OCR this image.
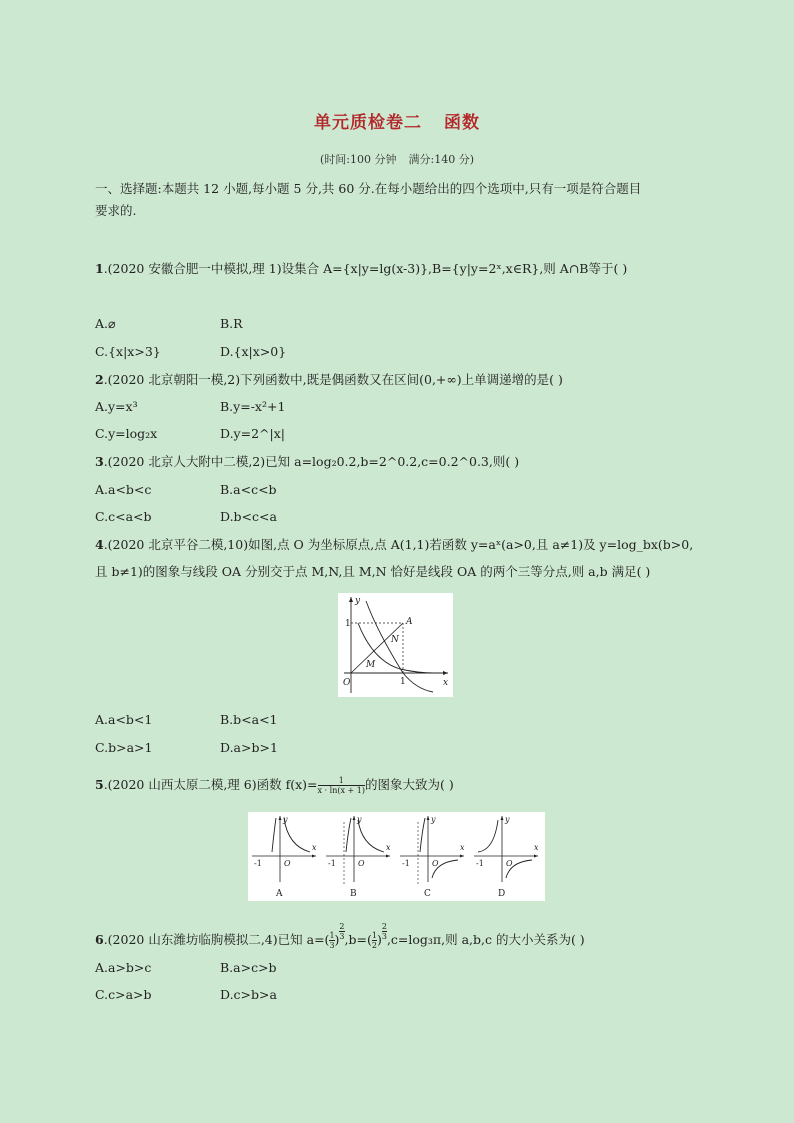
单元质检卷二 函数
(时间:100 分钟 满分:140 分)
一、选择题:本题共 12 小题,每小题 5 分,共 60 分.在每小题给出的四个选项中,只有一项是符合题目
要求的.
1.(2020 安徽合肥一中模拟,理 1)设集合 A={x|y=lg(x-3)},B={y|y=2ˣ,x∈R},则 A∩B等于( )
A.⌀	B.R
C.{x|x>3}	D.{x|x>0}
2.(2020 北京朝阳一模,2)下列函数中,既是偶函数又在区间(0,+∞)上单调递增的是( )
A.y=x³	B.y=-x²+1
C.y=log₂x	D.y=2^|x|
3.(2020 北京人大附中二模,2)已知 a=log₂0.2,b=2^0.2,c=0.2^0.3,则( )
A.a<b<c	B.a<c<b
C.c<a<b	D.b<c<a
4.(2020 北京平谷二模,10)如图,点 O 为坐标原点,点 A(1,1)若函数 y=aˣ(a>0,且 a≠1)及 y=log_bx(b>0,
且 b≠1)的图象与线段 OA 分别交于点 M,N,且 M,N 恰好是线段 OA 的两个三等分点,则 a,b 满足( )
y
x
O
1
1
A
N
M
A.a<b<1	B.b<a<1
C.b>a>1	D.a>b>1
5.(2020 山西太原二模,理 6)函数 $f(x)= \frac{1}{x \cdot \ln(x + 1)}$ 的图象大致为( )
y
x
O
-1
A
y
x
O
-1
B
y
x
O
-1
C
y
x
O
-1
D
6.(2020 山东潍坊临朐模拟二,4)已知 $a=( \frac{1}{3}$ ) $^{\frac{2}{3}}$ $,b=( \frac{1}{2}$ ) $^{\frac{2}{3}}$ ,c=log₃π,则 a,b,c 的大小关系为( )
A.a>b>c	B.a>c>b
C.c>a>b	D.c>b>a
